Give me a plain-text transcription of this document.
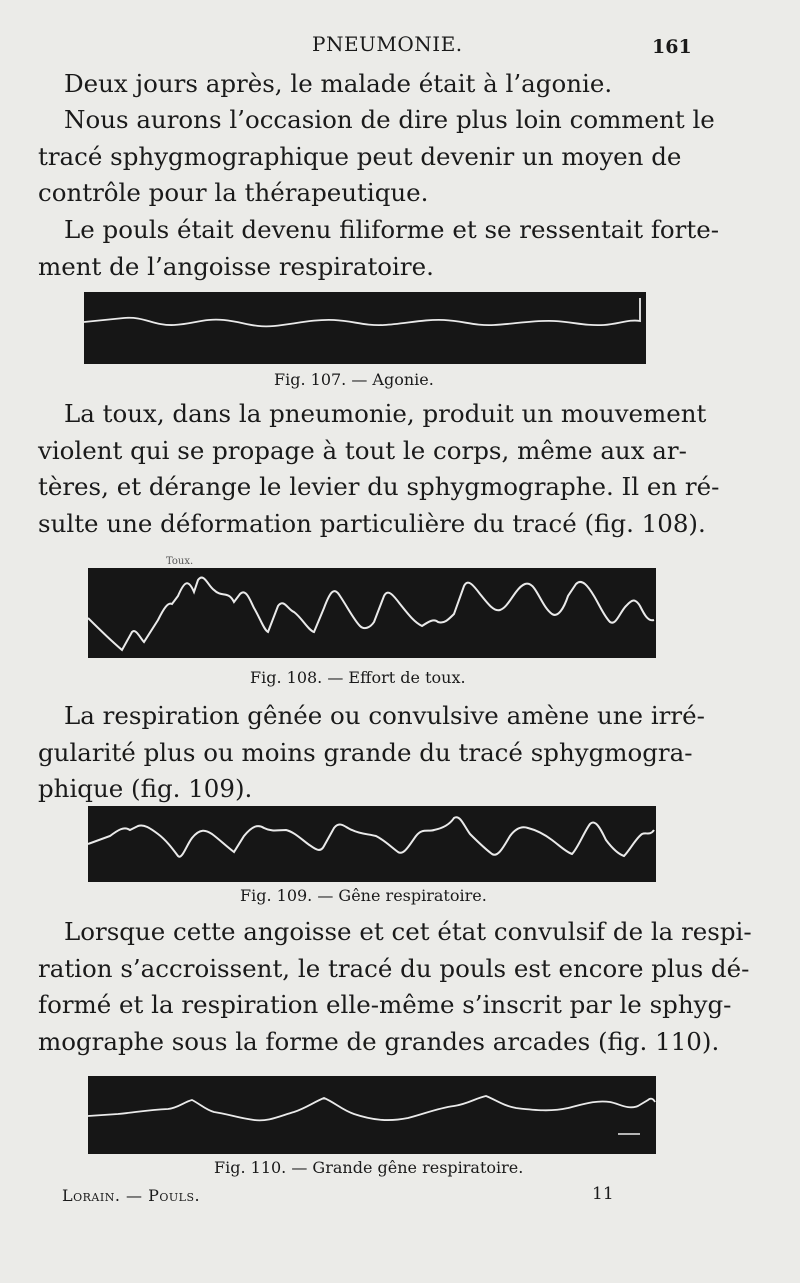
PNEUMONIE.	161

Deux jours après, le malade était à l’agonie.

Nous aurons l’occasion de dire plus loin comment le
tracé sphygmographique peut devenir un moyen de
contrôle pour la thérapeutique.

Le pouls était devenu filiforme et se ressentait forte-
ment de l’angoisse respiratoire.

Fig. 107. — Agonie.

La toux, dans la pneumonie, produit un mouvement
violent qui se propage à tout le corps, même aux ar-
tères, et dérange le levier du sphygmographe. Il en ré-
sulte une déformation particulière du tracé (fig. 108).

Toux.
Fig. 108. — Effort de toux.

La respiration gênée ou convulsive amène une irré-
gularité plus ou moins grande du tracé sphygmogra-
phique (fig. 109).

Fig. 109. — Gêne respiratoire.

Lorsque cette angoisse et cet état convulsif de la respi-
ration s’accroissent, le tracé du pouls est encore plus dé-
formé et la respiration elle-même s’inscrit par le sphyg-
mographe sous la forme de grandes arcades (fig. 110).

Fig. 110. — Grande gêne respiratoire.
Lorain. — Pouls.	11
